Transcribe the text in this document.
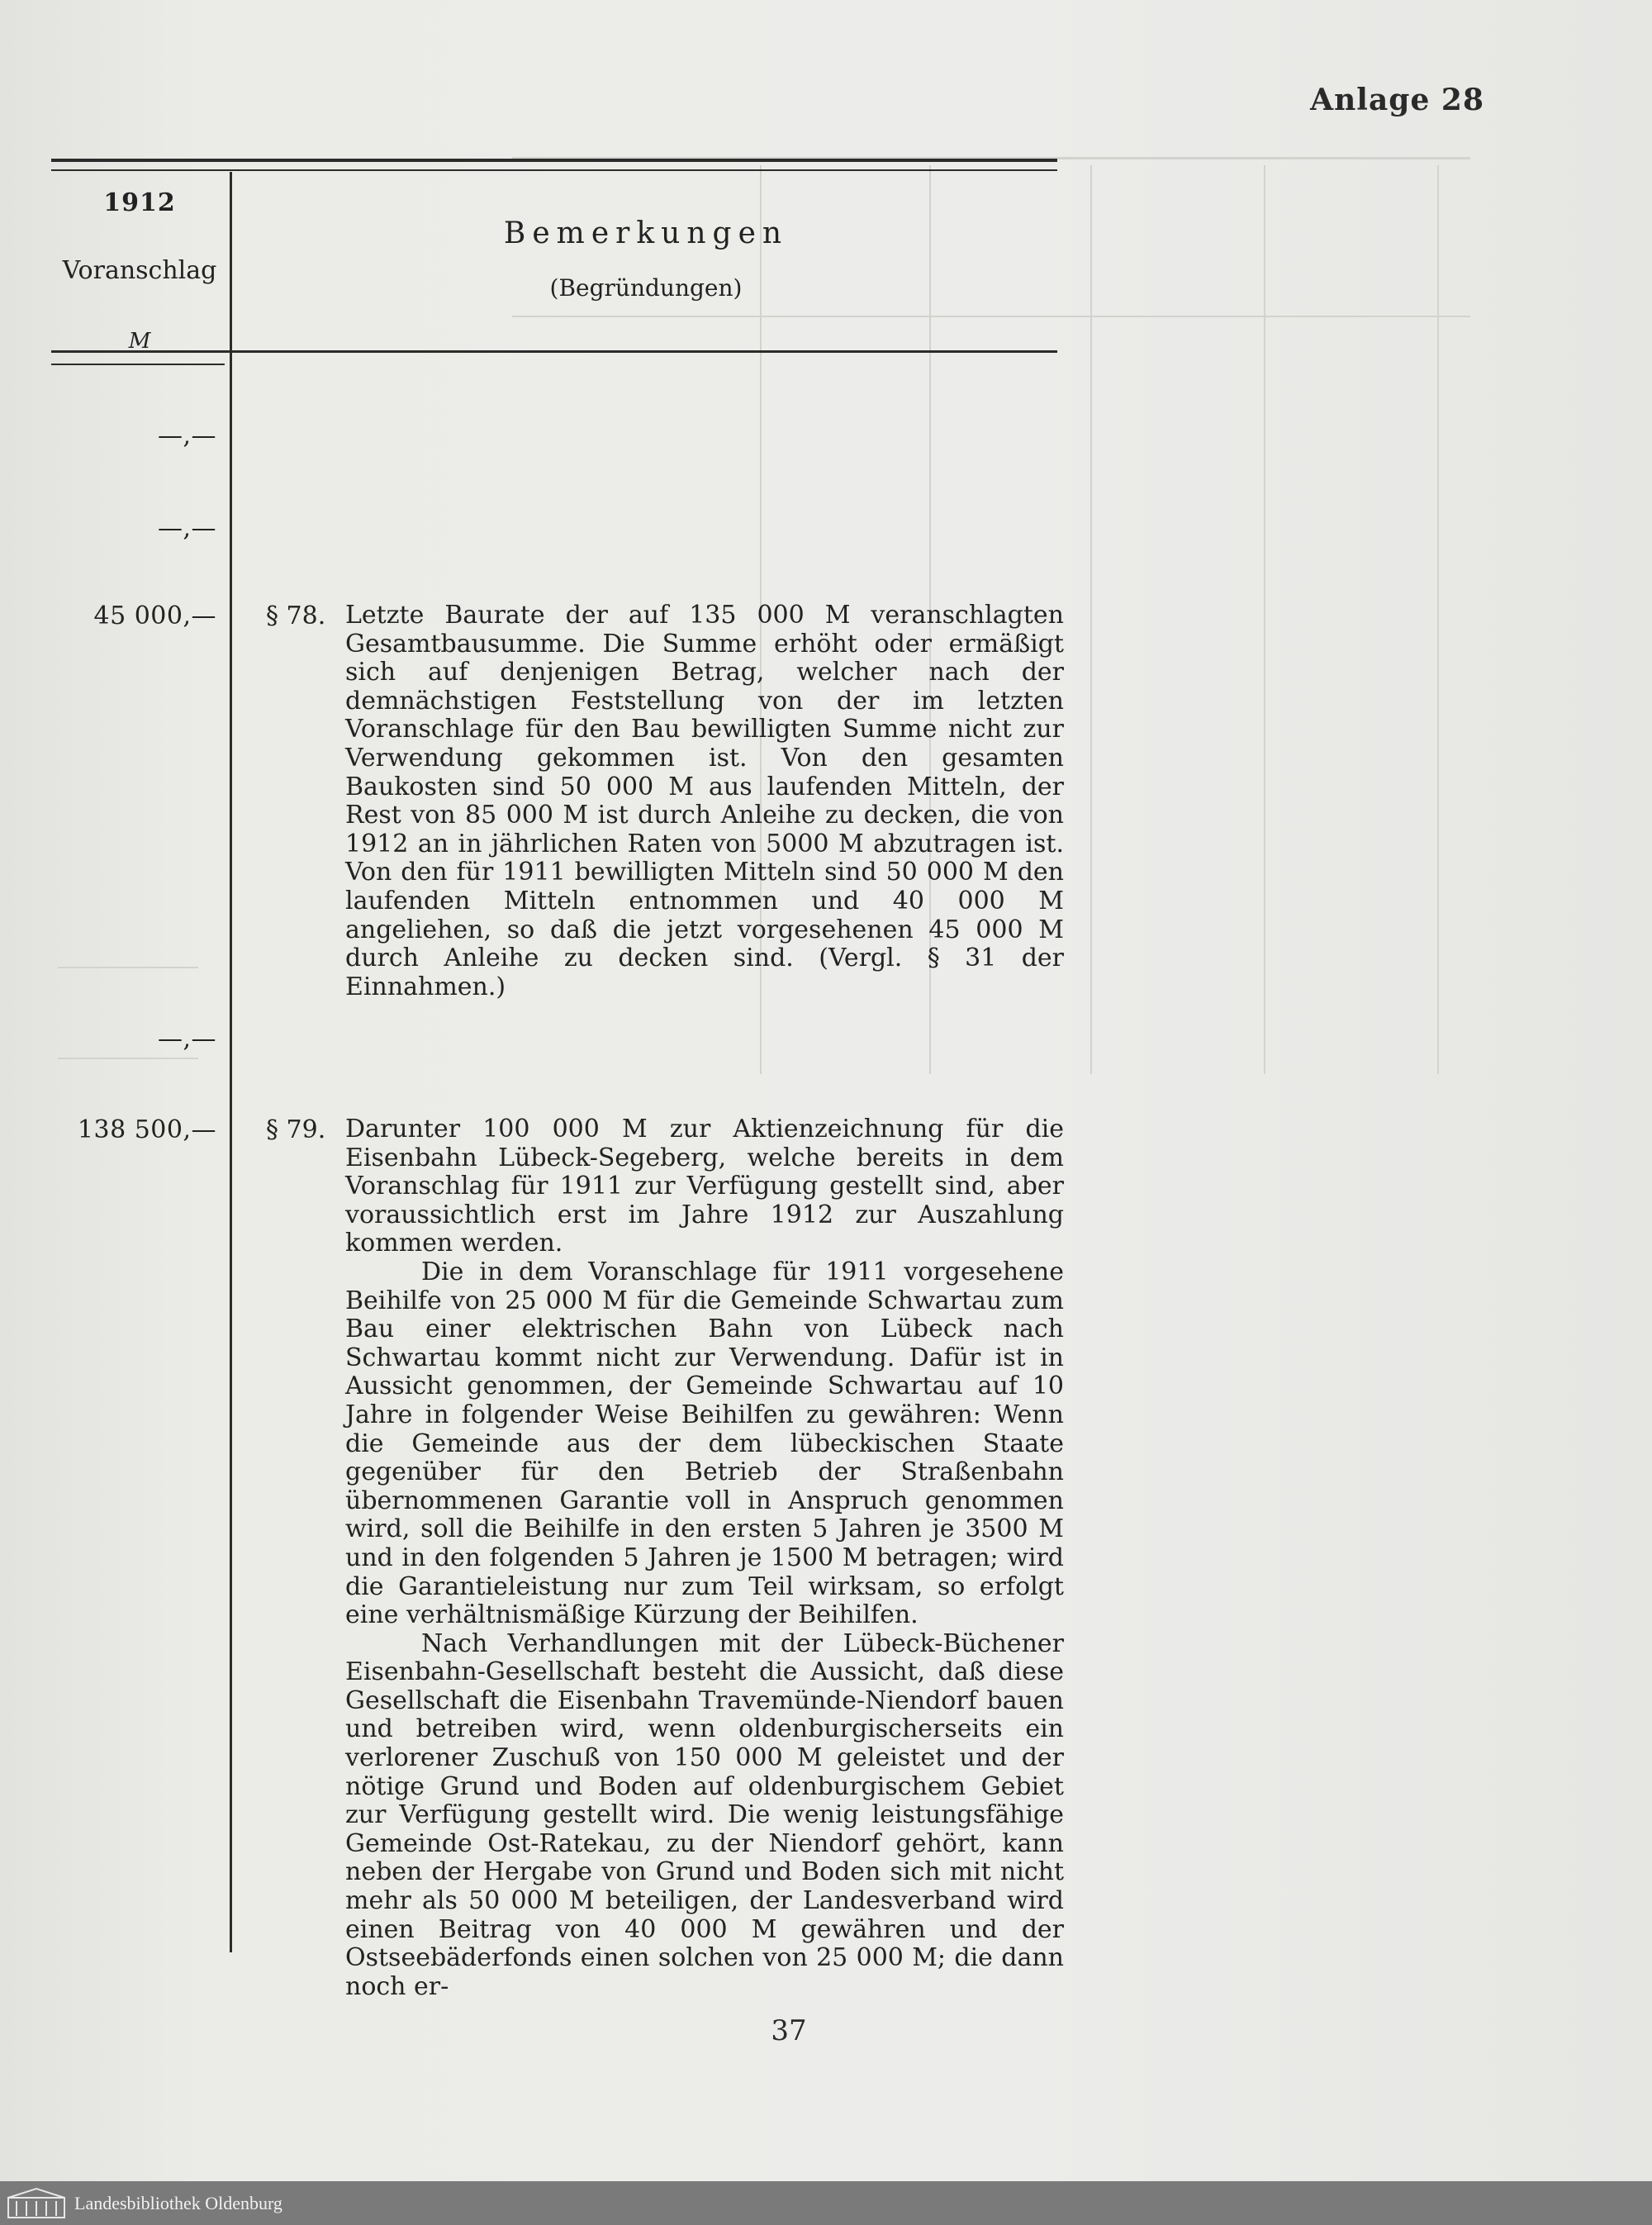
Anlage 28
1912
Voranschlag
M
Bemerkungen
(Begründungen)
—,—
—,—
45 000,—
—,—
138 500,—
§ 78. Letzte Baurate der auf 135 000 M veranschlagten Gesamtbausumme. Die Summe erhöht oder ermäßigt sich auf denjenigen Betrag, welcher nach der demnächstigen Feststellung von der im letzten Voranschlage für den Bau bewilligten Summe nicht zur Verwendung gekommen ist. Von den gesamten Baukosten sind 50 000 M aus laufenden Mitteln, der Rest von 85 000 M ist durch Anleihe zu decken, die von 1912 an in jährlichen Raten von 5000 M abzutragen ist. Von den für 1911 bewilligten Mitteln sind 50 000 M den laufenden Mitteln entnommen und 40 000 M angeliehen, so daß die jetzt vorgesehenen 45 000 M durch Anleihe zu decken sind. (Vergl. § 31 der Einnahmen.)

§ 79. Darunter 100 000 M zur Aktienzeichnung für die Eisenbahn Lübeck-Segeberg, welche bereits in dem Voranschlag für 1911 zur Verfügung gestellt sind, aber voraussichtlich erst im Jahre 1912 zur Auszahlung kommen werden.

Die in dem Voranschlage für 1911 vorgesehene Beihilfe von 25 000 M für die Gemeinde Schwartau zum Bau einer elektrischen Bahn von Lübeck nach Schwartau kommt nicht zur Verwendung. Dafür ist in Aussicht genommen, der Gemeinde Schwartau auf 10 Jahre in folgender Weise Beihilfen zu gewähren: Wenn die Gemeinde aus der dem lübeckischen Staate gegenüber für den Betrieb der Straßenbahn übernommenen Garantie voll in Anspruch genommen wird, soll die Beihilfe in den ersten 5 Jahren je 3500 M und in den folgenden 5 Jahren je 1500 M betragen; wird die Garantieleistung nur zum Teil wirksam, so erfolgt eine verhältnismäßige Kürzung der Beihilfen.

Nach Verhandlungen mit der Lübeck-Büchener Eisenbahn-Gesellschaft besteht die Aussicht, daß diese Gesellschaft die Eisenbahn Travemünde-Niendorf bauen und betreiben wird, wenn oldenburgischerseits ein verlorener Zuschuß von 150 000 M geleistet und der nötige Grund und Boden auf oldenburgischem Gebiet zur Verfügung gestellt wird. Die wenig leistungsfähige Gemeinde Ost-Ratekau, zu der Niendorf gehört, kann neben der Hergabe von Grund und Boden sich mit nicht mehr als 50 000 M beteiligen, der Landesverband wird einen Beitrag von 40 000 M gewähren und der Ostseebäderfonds einen solchen von 25 000 M; die dann noch er-

37
Landesbibliothek Oldenburg
